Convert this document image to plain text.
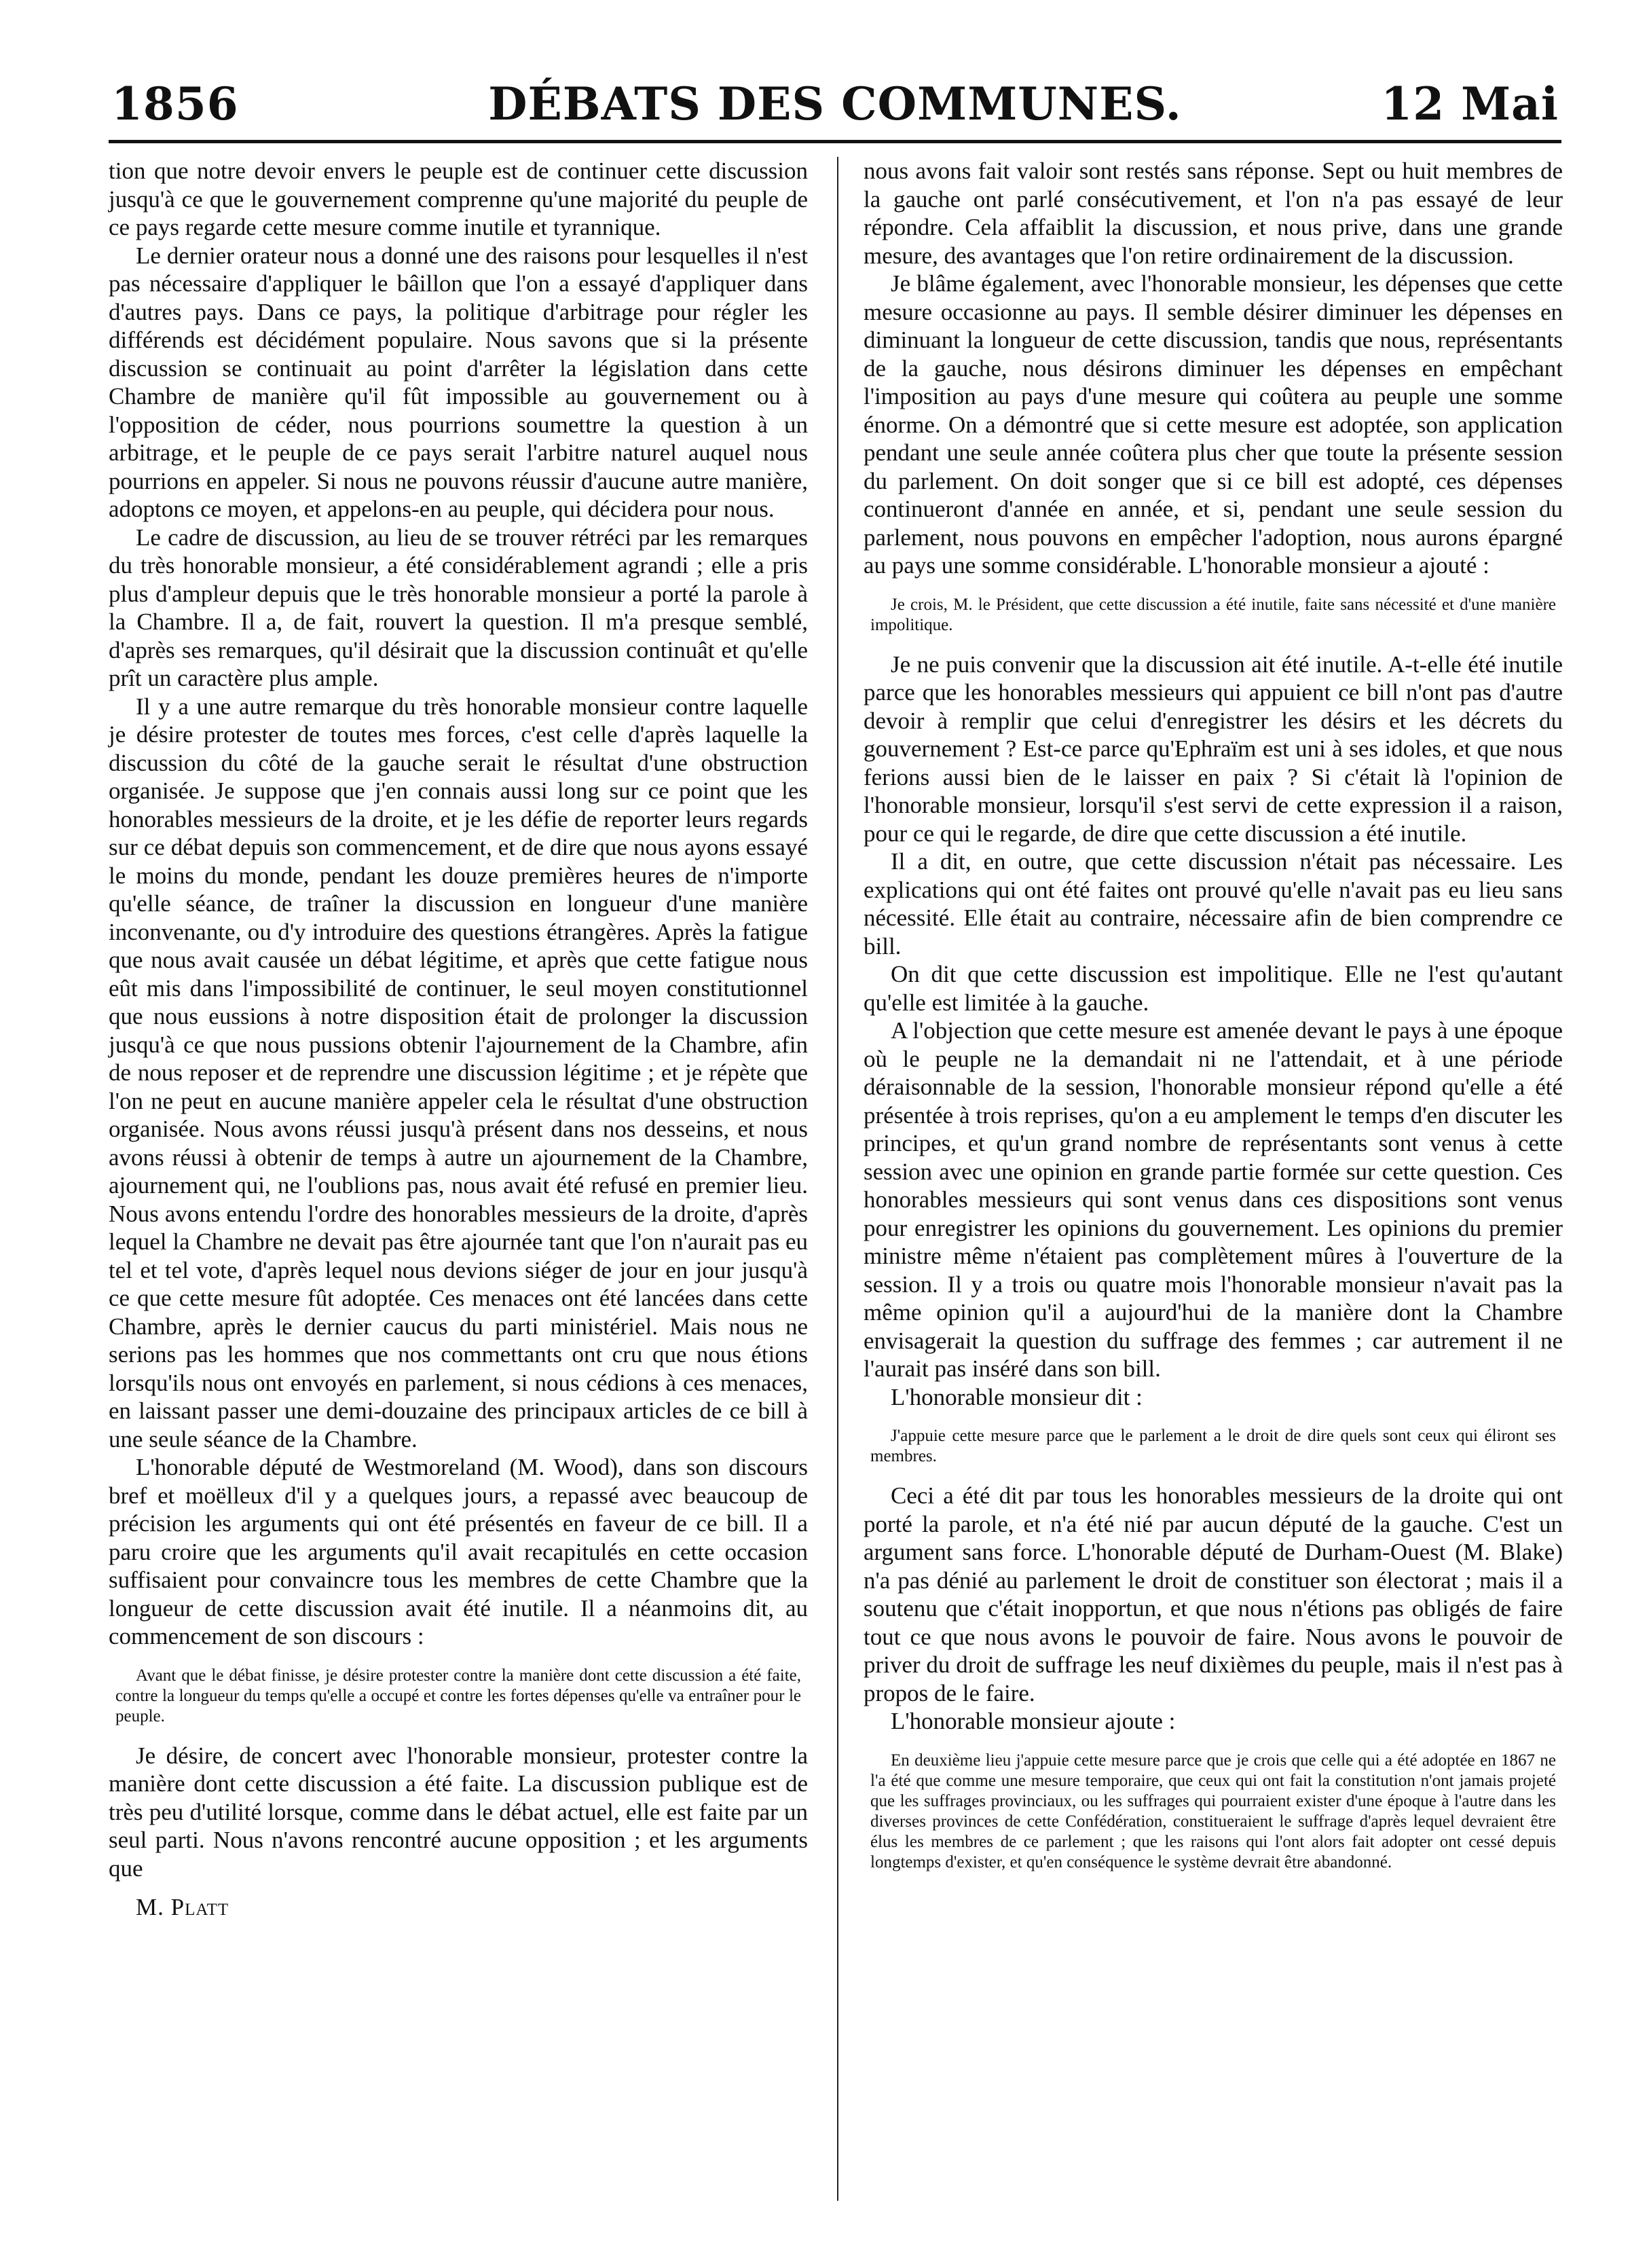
1856	DÉBATS DES COMMUNES.	12 Mai

tion que notre devoir envers le peuple est de continuer cette discussion jusqu'à ce que le gouvernement comprenne qu'une majorité du peuple de ce pays regarde cette mesure comme inutile et tyrannique.

Le dernier orateur nous a donné une des raisons pour lesquelles il n'est pas nécessaire d'appliquer le bâillon que l'on a essayé d'appliquer dans d'autres pays. Dans ce pays, la politique d'arbitrage pour régler les différends est décidément populaire. Nous savons que si la présente discussion se continuait au point d'arrêter la législation dans cette Chambre de manière qu'il fût impossible au gouvernement ou à l'opposition de céder, nous pourrions soumettre la question à un arbitrage, et le peuple de ce pays serait l'arbitre naturel auquel nous pourrions en appeler. Si nous ne pouvons réussir d'aucune autre manière, adoptons ce moyen, et appelons-en au peuple, qui décidera pour nous.

Le cadre de discussion, au lieu de se trouver rétréci par les remarques du très honorable monsieur, a été considérablement agrandi ; elle a pris plus d'ampleur depuis que le très honorable monsieur a porté la parole à la Chambre. Il a, de fait, rouvert la question. Il m'a presque semblé, d'après ses remarques, qu'il désirait que la discussion continuât et qu'elle prît un caractère plus ample.

Il y a une autre remarque du très honorable monsieur contre laquelle je désire protester de toutes mes forces, c'est celle d'après laquelle la discussion du côté de la gauche serait le résultat d'une obstruction organisée. Je suppose que j'en connais aussi long sur ce point que les honorables messieurs de la droite, et je les défie de reporter leurs regards sur ce débat depuis son commencement, et de dire que nous ayons essayé le moins du monde, pendant les douze premières heures de n'importe qu'elle séance, de traîner la discussion en longueur d'une manière inconvenante, ou d'y introduire des questions étrangères. Après la fatigue que nous avait causée un débat légitime, et après que cette fatigue nous eût mis dans l'impossibilité de continuer, le seul moyen constitutionnel que nous eussions à notre disposition était de prolonger la discussion jusqu'à ce que nous pussions obtenir l'ajournement de la Chambre, afin de nous reposer et de reprendre une discussion légitime ; et je répète que l'on ne peut en aucune manière appeler cela le résultat d'une obstruction organisée. Nous avons réussi jusqu'à présent dans nos desseins, et nous avons réussi à obtenir de temps à autre un ajournement de la Chambre, ajournement qui, ne l'oublions pas, nous avait été refusé en premier lieu. Nous avons entendu l'ordre des honorables messieurs de la droite, d'après lequel la Chambre ne devait pas être ajournée tant que l'on n'aurait pas eu tel et tel vote, d'après lequel nous devions siéger de jour en jour jusqu'à ce que cette mesure fût adoptée. Ces menaces ont été lancées dans cette Chambre, après le dernier caucus du parti ministériel. Mais nous ne serions pas les hommes que nos commettants ont cru que nous étions lorsqu'ils nous ont envoyés en parlement, si nous cédions à ces menaces, en laissant passer une demi-douzaine des principaux articles de ce bill à une seule séance de la Chambre.

L'honorable député de Westmoreland (M. Wood), dans son discours bref et moëlleux d'il y a quelques jours, a repassé avec beaucoup de précision les arguments qui ont été présentés en faveur de ce bill. Il a paru croire que les arguments qu'il avait recapitulés en cette occasion suffisaient pour convaincre tous les membres de cette Chambre que la longueur de cette discussion avait été inutile. Il a néanmoins dit, au commencement de son discours :

Avant que le débat finisse, je désire protester contre la manière dont cette discussion a été faite, contre la longueur du temps qu'elle a occupé et contre les fortes dépenses qu'elle va entraîner pour le peuple.

Je désire, de concert avec l'honorable monsieur, protester contre la manière dont cette discussion a été faite. La discussion publique est de très peu d'utilité lorsque, comme dans le débat actuel, elle est faite par un seul parti. Nous n'avons rencontré aucune opposition ; et les arguments que

M. Platt

nous avons fait valoir sont restés sans réponse. Sept ou huit membres de la gauche ont parlé consécutivement, et l'on n'a pas essayé de leur répondre. Cela affaiblit la discussion, et nous prive, dans une grande mesure, des avantages que l'on retire ordinairement de la discussion.

Je blâme également, avec l'honorable monsieur, les dépenses que cette mesure occasionne au pays. Il semble désirer diminuer les dépenses en diminuant la longueur de cette discussion, tandis que nous, représentants de la gauche, nous désirons diminuer les dépenses en empêchant l'imposition au pays d'une mesure qui coûtera au peuple une somme énorme. On a démontré que si cette mesure est adoptée, son application pendant une seule année coûtera plus cher que toute la présente session du parlement. On doit songer que si ce bill est adopté, ces dépenses continueront d'année en année, et si, pendant une seule session du parlement, nous pouvons en empêcher l'adoption, nous aurons épargné au pays une somme considérable. L'honorable monsieur a ajouté :

Je crois, M. le Président, que cette discussion a été inutile, faite sans nécessité et d'une manière impolitique.

Je ne puis convenir que la discussion ait été inutile. A-t-elle été inutile parce que les honorables messieurs qui appuient ce bill n'ont pas d'autre devoir à remplir que celui d'enregistrer les désirs et les décrets du gouvernement ? Est-ce parce qu'Ephraïm est uni à ses idoles, et que nous ferions aussi bien de le laisser en paix ? Si c'était là l'opinion de l'honorable monsieur, lorsqu'il s'est servi de cette expression il a raison, pour ce qui le regarde, de dire que cette discussion a été inutile.

Il a dit, en outre, que cette discussion n'était pas nécessaire. Les explications qui ont été faites ont prouvé qu'elle n'avait pas eu lieu sans nécessité. Elle était au contraire, nécessaire afin de bien comprendre ce bill.

On dit que cette discussion est impolitique. Elle ne l'est qu'autant qu'elle est limitée à la gauche.

A l'objection que cette mesure est amenée devant le pays à une époque où le peuple ne la demandait ni ne l'attendait, et à une période déraisonnable de la session, l'honorable monsieur répond qu'elle a été présentée à trois reprises, qu'on a eu amplement le temps d'en discuter les principes, et qu'un grand nombre de représentants sont venus à cette session avec une opinion en grande partie formée sur cette question. Ces honorables messieurs qui sont venus dans ces dispositions sont venus pour enregistrer les opinions du gouvernement. Les opinions du premier ministre même n'étaient pas complètement mûres à l'ouverture de la session. Il y a trois ou quatre mois l'honorable monsieur n'avait pas la même opinion qu'il a aujourd'hui de la manière dont la Chambre envisagerait la question du suffrage des femmes ; car autrement il ne l'aurait pas inséré dans son bill.

L'honorable monsieur dit :

J'appuie cette mesure parce que le parlement a le droit de dire quels sont ceux qui éliront ses membres.

Ceci a été dit par tous les honorables messieurs de la droite qui ont porté la parole, et n'a été nié par aucun député de la gauche. C'est un argument sans force. L'honorable député de Durham-Ouest (M. Blake) n'a pas dénié au parlement le droit de constituer son électorat ; mais il a soutenu que c'était inopportun, et que nous n'étions pas obligés de faire tout ce que nous avons le pouvoir de faire. Nous avons le pouvoir de priver du droit de suffrage les neuf dixièmes du peuple, mais il n'est pas à propos de le faire.

L'honorable monsieur ajoute :

En deuxième lieu j'appuie cette mesure parce que je crois que celle qui a été adoptée en 1867 ne l'a été que comme une mesure temporaire, que ceux qui ont fait la constitution n'ont jamais projeté que les suffrages provinciaux, ou les suffrages qui pourraient exister d'une époque à l'autre dans les diverses provinces de cette Confédération, constitueraient le suffrage d'après lequel devraient être élus les membres de ce parlement ; que les raisons qui l'ont alors fait adopter ont cessé depuis longtemps d'exister, et qu'en conséquence le système devrait être abandonné.
